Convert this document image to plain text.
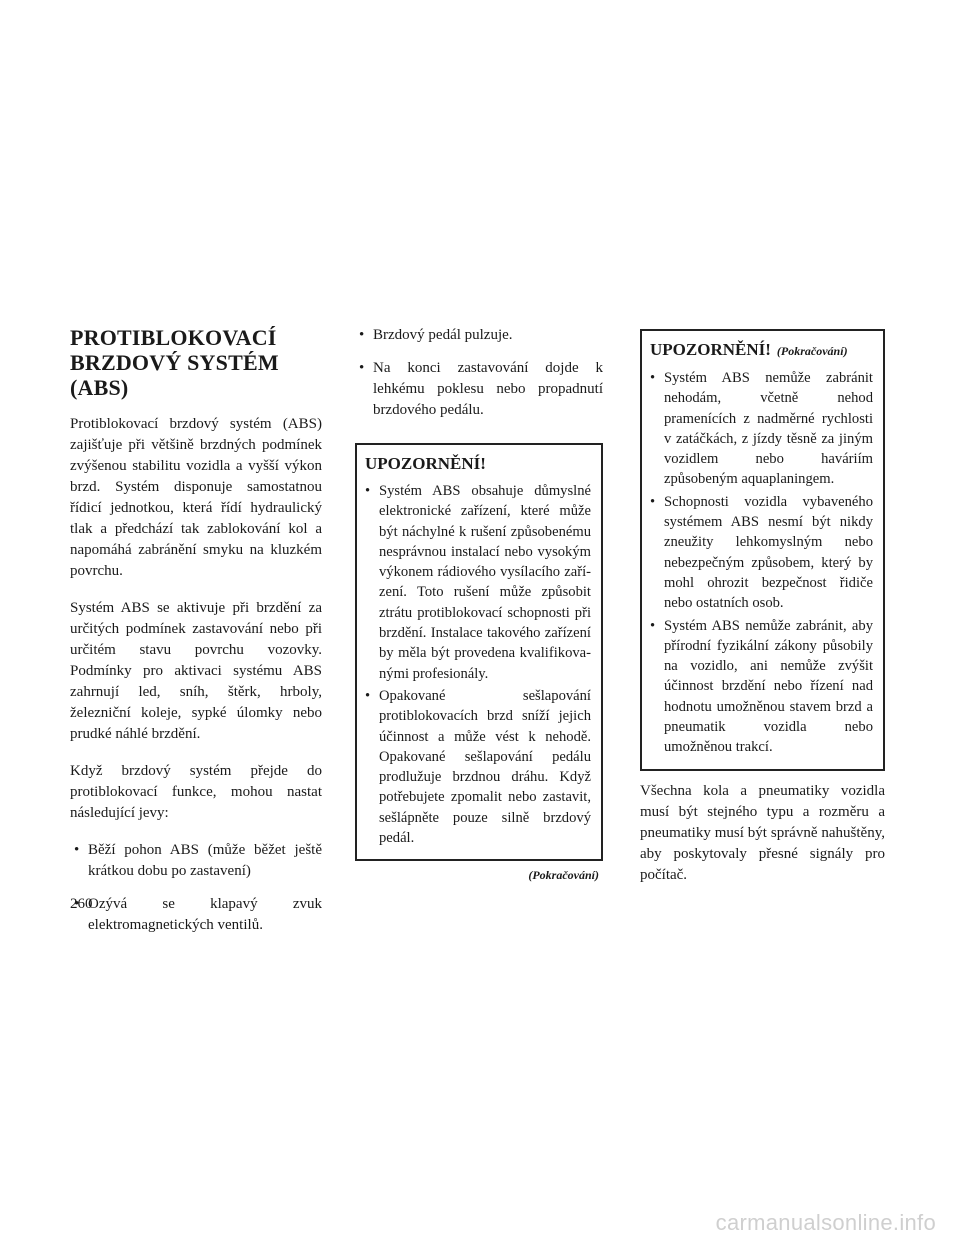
PROTIBLOKOVACÍ
BRZDOVÝ SYSTÉM
(ABS)

Protiblokovací brzdový systém (ABS) zajišťuje při většině brzdných podmínek zvýšenou stabilitu vozidla a vyšší výkon brzd. Systém disponuje samostatnou řídicí jednotkou, která řídí hydraulický tlak a předchází tak zablokování kol a napomáhá zabránění smyku na kluzkém povrchu.

Systém ABS se aktivuje při brzdění za určitých podmínek zastavování nebo při určitém stavu povrchu vozovky. Podmínky pro aktivaci systému ABS zahrnují led, sníh, štěrk, hrboly, železniční koleje, sypké úlomky nebo prudké náhlé brzdění.

Když brzdový systém přejde do protiblokovací funkce, mohou nastat následující jevy:

• Běží pohon ABS (může běžet ještě krátkou dobu po zastavení)
• Ozývá se klapavý zvuk elektromagnetických ventilů.
• Brzdový pedál pulzuje.
• Na konci zastavování dojde k lehkému poklesu nebo propadnutí brzdového pedálu.
UPOZORNĚNÍ!
• Systém ABS obsahuje důmyslné elektronické zařízení, které může být náchylné k rušení způsobenému nesprávnou instalací nebo vysokým výkonem rádiového vysílacího zaří-zení. Toto rušení může způsobit ztrátu protiblokovací schopnosti při brzdění. Instalace takového zařízení by měla být provedena kvalifikova-nými profesionály.
• Opakované sešlapování protiblokovacích brzd sníží jejich účinnost a může vést k nehodě. Opakované sešlapování pedálu prodlužuje brzdnou dráhu. Když potřebujete zpomalit nebo zastavit, sešlápněte pouze silně brzdový pedál.
(Pokračování)
UPOZORNĚNÍ! (Pokračování)
• Systém ABS nemůže zabránit nehodám, včetně nehod pramenících z nadměrné rychlosti v zatáčkách, z jízdy těsně za jiným vozidlem nebo haváriím způsobeným aquaplaningem.
• Schopnosti vozidla vybaveného systémem ABS nesmí být nikdy zneužity lehkomyslným nebo nebezpečným způsobem, který by mohl ohrozit bezpečnost řidiče nebo ostatních osob.
• Systém ABS nemůže zabránit, aby přírodní fyzikální zákony působily na vozidlo, ani nemůže zvýšit účinnost brzdění nebo řízení nad hodnotu umožněnou stavem brzd a pneumatik vozidla nebo umožněnou trakcí.

Všechna kola a pneumatiky vozidla musí být stejného typu a rozměru a pneumatiky musí být správně nahuštěny, aby poskytovaly přesné signály pro počítač.

260
carmanualsonline.info
